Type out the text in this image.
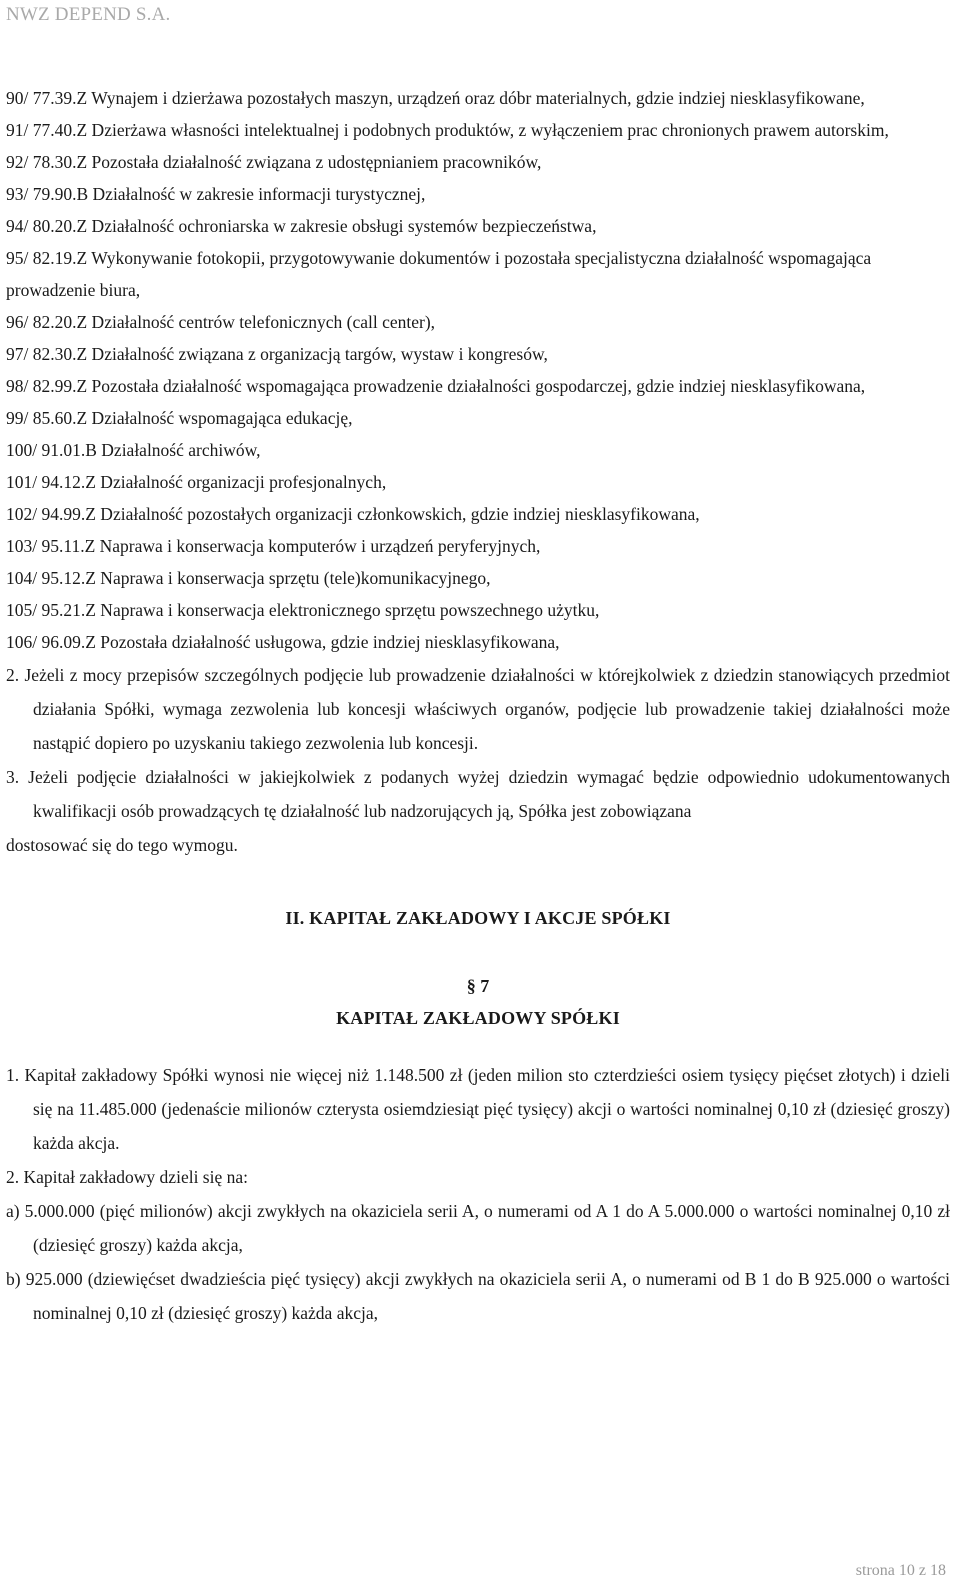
NWZ DEPEND S.A.

90/ 77.39.Z Wynajem i dzierżawa pozostałych maszyn, urządzeń oraz dóbr materialnych, gdzie indziej niesklasyfikowane,

91/ 77.40.Z Dzierżawa własności intelektualnej i podobnych produktów, z wyłączeniem prac chronionych prawem autorskim,

92/ 78.30.Z Pozostała działalność związana z udostępnianiem pracowników,

93/ 79.90.B Działalność w zakresie informacji turystycznej,

94/ 80.20.Z Działalność ochroniarska w zakresie obsługi systemów bezpieczeństwa,

95/ 82.19.Z Wykonywanie fotokopii, przygotowywanie dokumentów i pozostała specjalistyczna działalność wspomagająca prowadzenie biura,

96/ 82.20.Z Działalność centrów telefonicznych (call center),

97/ 82.30.Z Działalność związana z organizacją targów, wystaw i kongresów,

98/ 82.99.Z Pozostała działalność wspomagająca prowadzenie działalności gospodarczej, gdzie indziej niesklasyfikowana,

99/ 85.60.Z Działalność wspomagająca edukację,

100/ 91.01.B Działalność archiwów,

101/ 94.12.Z Działalność organizacji profesjonalnych,

102/ 94.99.Z Działalność pozostałych organizacji członkowskich, gdzie indziej niesklasyfikowana,

103/ 95.11.Z Naprawa i konserwacja komputerów i urządzeń peryferyjnych,

104/ 95.12.Z Naprawa i konserwacja sprzętu (tele)komunikacyjnego,

105/ 95.21.Z Naprawa i konserwacja elektronicznego sprzętu powszechnego użytku,

106/ 96.09.Z Pozostała działalność usługowa, gdzie indziej niesklasyfikowana,

2. Jeżeli z mocy przepisów szczególnych podjęcie lub prowadzenie działalności w którejkolwiek z dziedzin stanowiących przedmiot działania Spółki, wymaga zezwolenia lub koncesji właściwych organów, podjęcie lub prowadzenie takiej działalności może nastąpić dopiero po uzyskaniu takiego zezwolenia lub koncesji.

3. Jeżeli podjęcie działalności w jakiejkolwiek z podanych wyżej dziedzin wymagać będzie odpowiednio udokumentowanych kwalifikacji osób prowadzących tę działalność lub nadzorujących ją, Spółka jest zobowiązana

dostosować się do tego wymogu.

II. KAPITAŁ ZAKŁADOWY I AKCJE SPÓŁKI

§ 7

KAPITAŁ ZAKŁADOWY SPÓŁKI

1. Kapitał zakładowy Spółki wynosi nie więcej niż 1.148.500 zł (jeden milion sto czterdzieści osiem tysięcy pięćset złotych) i dzieli się na 11.485.000 (jedenaście milionów czterysta osiemdziesiąt pięć tysięcy) akcji o wartości nominalnej 0,10 zł (dziesięć groszy) każda akcja.

2. Kapitał zakładowy dzieli się na:

a) 5.000.000 (pięć milionów) akcji zwykłych na okaziciela serii A, o numerami od A 1 do A 5.000.000 o wartości nominalnej 0,10 zł (dziesięć groszy) każda akcja,

b) 925.000 (dziewięćset dwadzieścia pięć tysięcy) akcji zwykłych na okaziciela serii A, o numerami od B 1 do B 925.000 o wartości nominalnej 0,10 zł (dziesięć groszy) każda akcja,

strona 10 z 18
